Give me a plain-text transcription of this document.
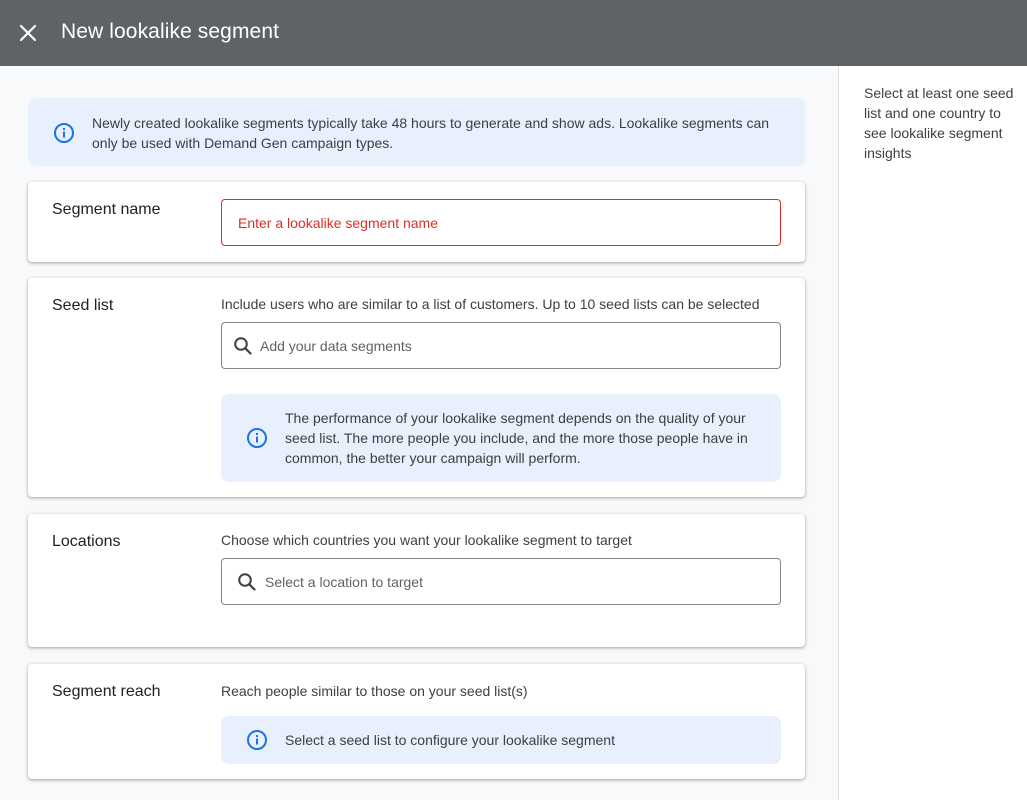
New lookalike segment
Newly created lookalike segments typically take 48 hours to generate and show ads. Lookalike segments can only be used with Demand Gen campaign types.
Segment name
Enter a lookalike segment name
Seed list	Include users who are similar to a list of customers. Up to 10 seed lists can be selected
Add your data segments
The performance of your lookalike segment depends on the quality of your seed list. The more people you include, and the more those people have in common, the better your campaign will perform.
Locations	Choose which countries you want your lookalike segment to target
Select a location to target
Segment reach	Reach people similar to those on your seed list(s)
Select a seed list to configure your lookalike segment
Select at least one seed list and one country to see lookalike segment insights
